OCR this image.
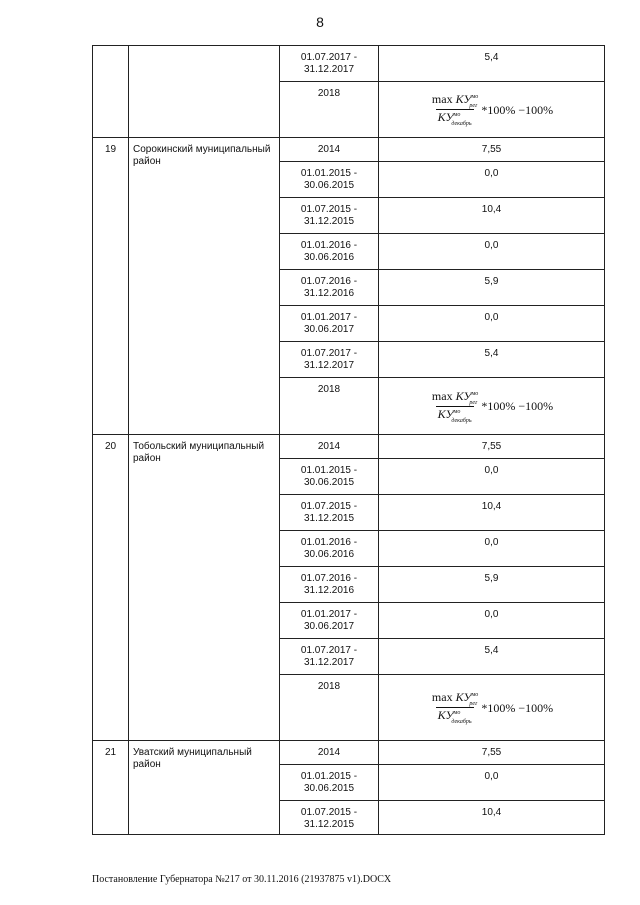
8
		01.07.2017 - 31.12.2017	5,4
		2018	$\frac{\max КУ^{мо}_{рег}}{КУ^{мо}_{декабрь}} *100\% -100\%$

19	Сорокинский муниципальный район	2014	7,55
		01.01.2015 - 30.06.2015	0,0
		01.07.2015 - 31.12.2015	10,4
		01.01.2016 - 30.06.2016	0,0
		01.07.2016 - 31.12.2016	5,9
		01.01.2017 - 30.06.2017	0,0
		01.07.2017 - 31.12.2017	5,4
		2018	$\frac{\max КУ^{мо}_{рег}}{КУ^{мо}_{декабрь}} *100\% -100\%$

20	Тобольский муниципальный район	2014	7,55
		01.01.2015 - 30.06.2015	0,0
		01.07.2015 - 31.12.2015	10,4
		01.01.2016 - 30.06.2016	0,0
		01.07.2016 - 31.12.2016	5,9
		01.01.2017 - 30.06.2017	0,0
		01.07.2017 - 31.12.2017	5,4
		2018	$\frac{\max КУ^{мо}_{рег}}{КУ^{мо}_{декабрь}} *100\% -100\%$

21	Уватский муниципальный район	2014	7,55
		01.01.2015 - 30.06.2015	0,0
		01.07.2015 - 31.12.2015	10,4
Постановление Губернатора №217 от 30.11.2016 (21937875 v1).DOCX
